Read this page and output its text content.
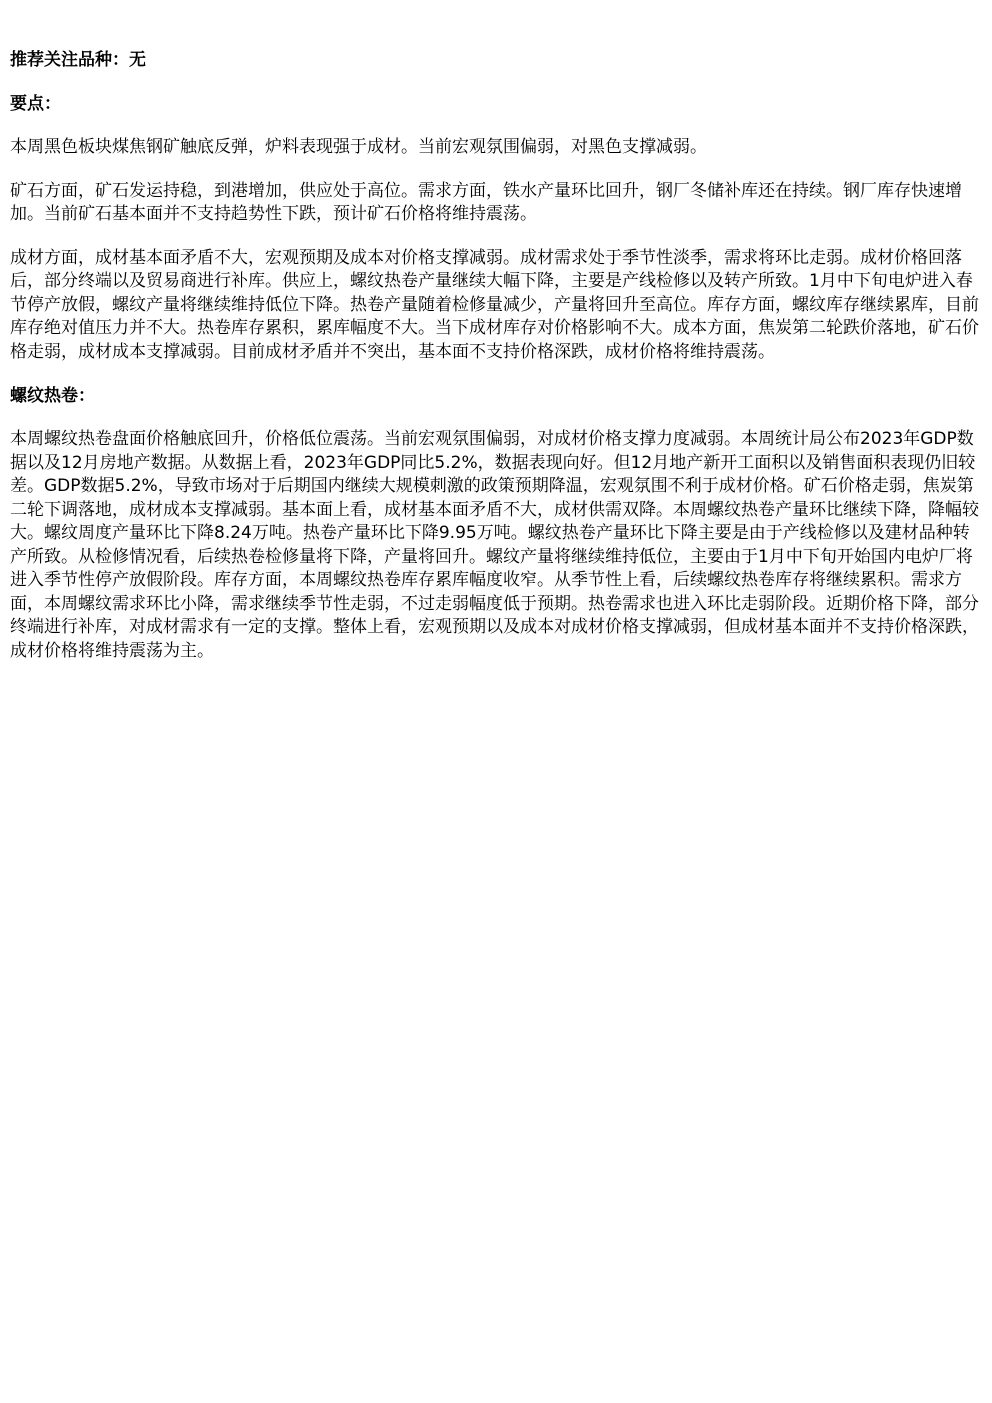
推荐关注品种：无
要点：

本周黑色板块煤焦钢矿触底反弹，炉料表现强于成材。当前宏观氛围偏弱，对黑色支撑减弱。

矿石方面，矿石发运持稳，到港增加，供应处于高位。需求方面，铁水产量环比回升，钢厂冬储补库还在持续。钢厂库存快速增加。当前矿石基本面并不支持趋势性下跌，预计矿石价格将维持震荡。

成材方面，成材基本面矛盾不大，宏观预期及成本对价格支撑减弱。成材需求处于季节性淡季，需求将环比走弱。成材价格回落后，部分终端以及贸易商进行补库。供应上，螺纹热卷产量继续大幅下降，主要是产线检修以及转产所致。1月中下旬电炉进入春节停产放假，螺纹产量将继续维持低位下降。热卷产量随着检修量减少，产量将回升至高位。库存方面，螺纹库存继续累库，目前库存绝对值压力并不大。热卷库存累积，累库幅度不大。当下成材库存对价格影响不大。成本方面，焦炭第二轮跌价落地，矿石价格走弱，成材成本支撑减弱。目前成材矛盾并不突出，基本面不支持价格深跌，成材价格将维持震荡。

螺纹热卷：

本周螺纹热卷盘面价格触底回升，价格低位震荡。当前宏观氛围偏弱，对成材价格支撑力度减弱。本周统计局公布2023年GDP数据以及12月房地产数据。从数据上看，2023年GDP同比5.2%，数据表现向好。但12月地产新开工面积以及销售面积表现仍旧较差。GDP数据5.2%，导致市场对于后期国内继续大规模刺激的政策预期降温，宏观氛围不利于成材价格。矿石价格走弱，焦炭第二轮下调落地，成材成本支撑减弱。基本面上看，成材基本面矛盾不大，成材供需双降。本周螺纹热卷产量环比继续下降，降幅较大。螺纹周度产量环比下降8.24万吨。热卷产量环比下降9.95万吨。螺纹热卷产量环比下降主要是由于产线检修以及建材品种转产所致。从检修情况看，后续热卷检修量将下降，产量将回升。螺纹产量将继续维持低位，主要由于1月中下旬开始国内电炉厂将进入季节性停产放假阶段。库存方面，本周螺纹热卷库存累库幅度收窄。从季节性上看，后续螺纹热卷库存将继续累积。需求方面，本周螺纹需求环比小降，需求继续季节性走弱，不过走弱幅度低于预期。热卷需求也进入环比走弱阶段。近期价格下降，部分终端进行补库，对成材需求有一定的支撑。整体上看，宏观预期以及成本对成材价格支撑减弱，但成材基本面并不支持价格深跌，成材价格将维持震荡为主。
